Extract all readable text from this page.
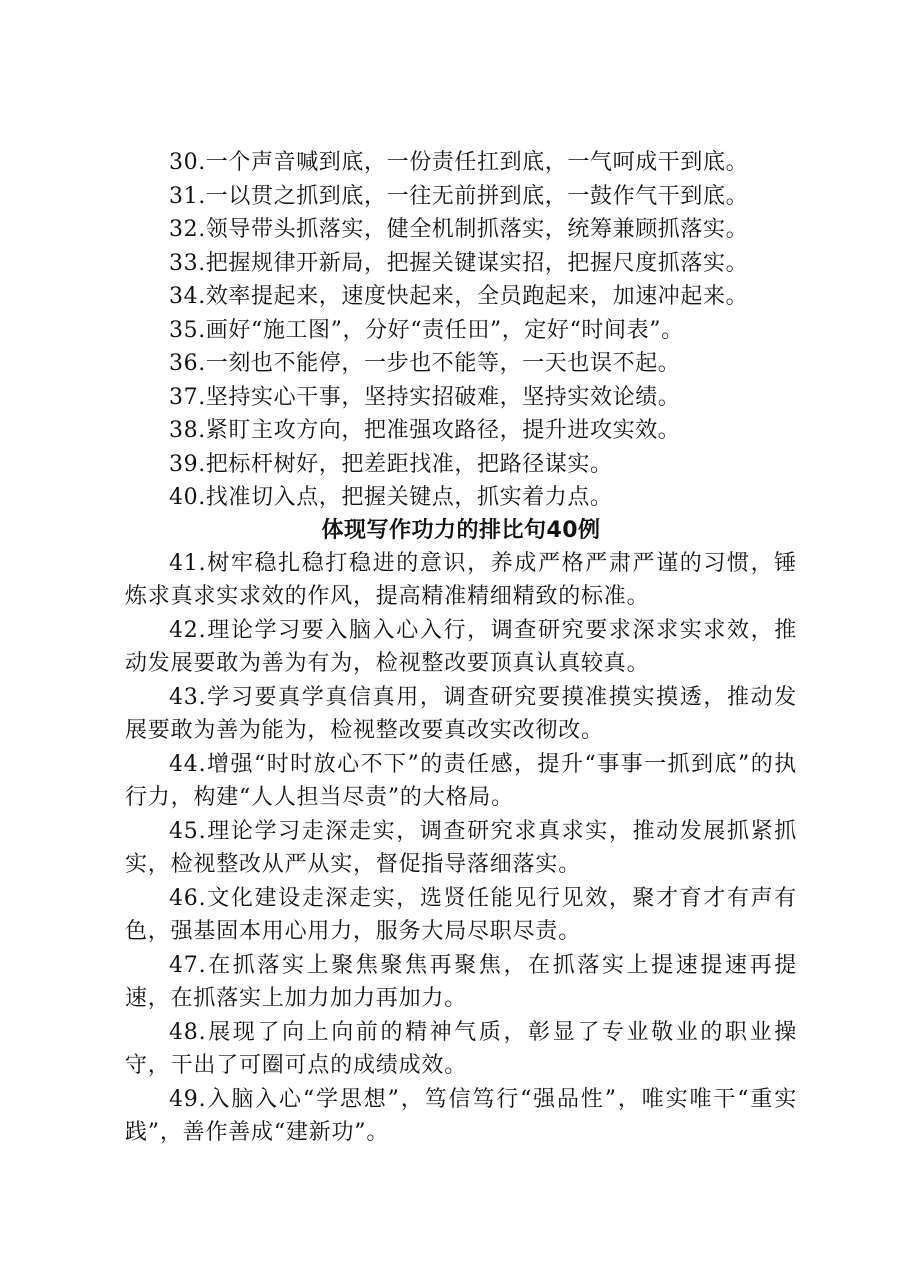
30.一个声音喊到底，一份责任扛到底，一气呵成干到底。
31.一以贯之抓到底，一往无前拼到底，一鼓作气干到底。
32.领导带头抓落实，健全机制抓落实，统筹兼顾抓落实。
33.把握规律开新局，把握关键谋实招，把握尺度抓落实。
34.效率提起来，速度快起来，全员跑起来，加速冲起来。
35.画好“施工图”，分好“责任田”，定好“时间表”。
36.一刻也不能停，一步也不能等，一天也误不起。
37.坚持实心干事，坚持实招破难，坚持实效论绩。
38.紧盯主攻方向，把准强攻路径，提升进攻实效。
39.把标杆树好，把差距找准，把路径谋实。
40.找准切入点，把握关键点，抓实着力点。
体现写作功力的排比句40例

41.树牢稳扎稳打稳进的意识，养成严格严肃严谨的习惯，锤炼求真求实求效的作风，提高精准精细精致的标准。

42.理论学习要入脑入心入行，调查研究要求深求实求效，推动发展要敢为善为有为，检视整改要顶真认真较真。

43.学习要真学真信真用，调查研究要摸准摸实摸透，推动发展要敢为善为能为，检视整改要真改实改彻改。

44.增强“时时放心不下”的责任感，提升“事事一抓到底”的执行力，构建“人人担当尽责”的大格局。

45.理论学习走深走实，调查研究求真求实，推动发展抓紧抓实，检视整改从严从实，督促指导落细落实。

46.文化建设走深走实，选贤任能见行见效，聚才育才有声有色，强基固本用心用力，服务大局尽职尽责。

47.在抓落实上聚焦聚焦再聚焦，在抓落实上提速提速再提速，在抓落实上加力加力再加力。

48.展现了向上向前的精神气质，彰显了专业敬业的职业操守，干出了可圈可点的成绩成效。

49.入脑入心“学思想”，笃信笃行“强品性”，唯实唯干“重实践”，善作善成“建新功”。
